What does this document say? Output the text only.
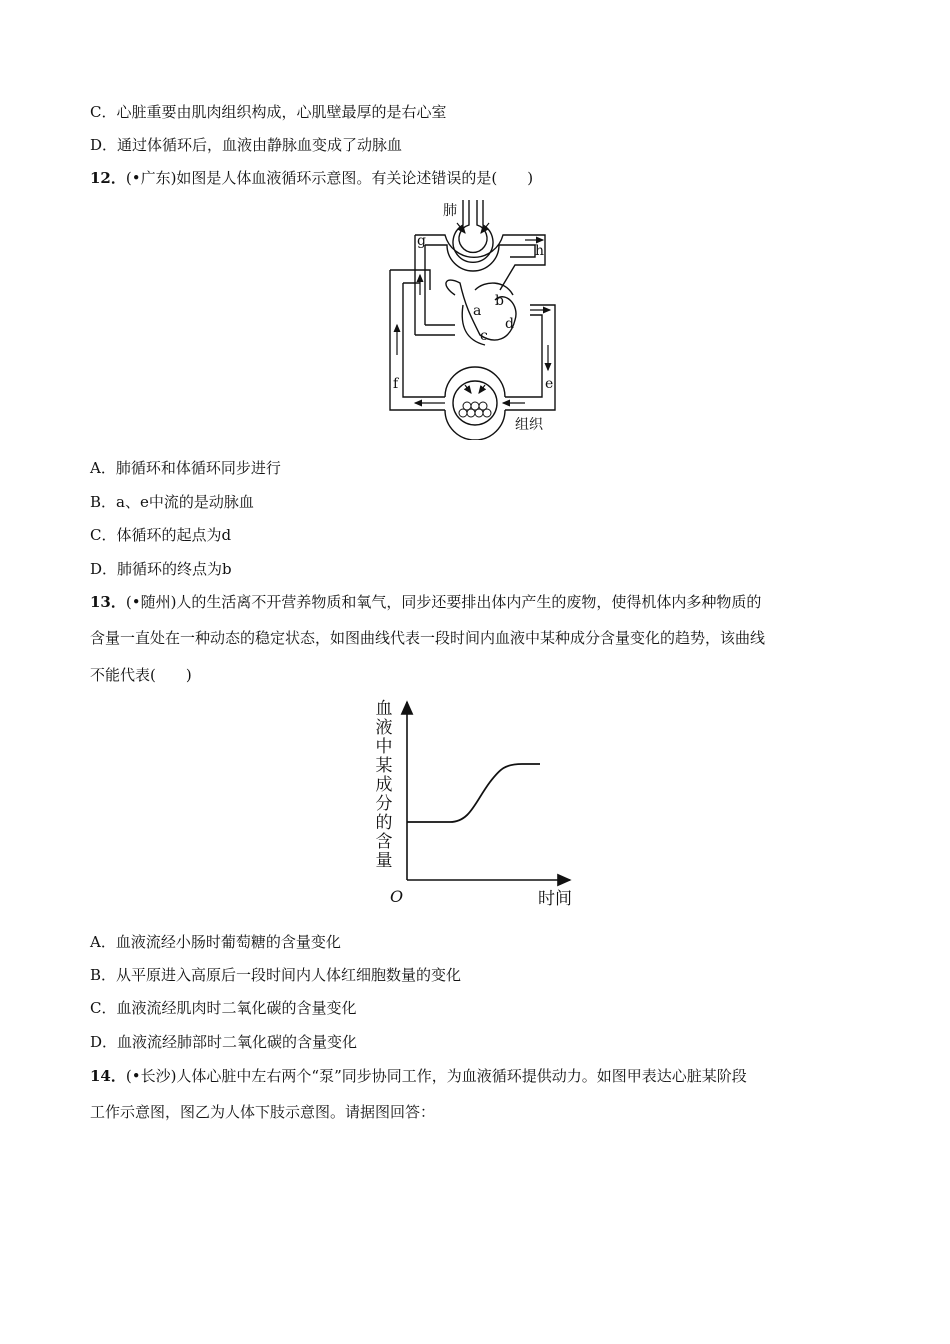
C．心脏重要由肌肉组织构成，心肌壁最厚的是右心室
D．通过体循环后，血液由静脉血变成了动脉血
12．(•广东)如图是人体血液循环示意图。有关论述错误的是(　　)
肺
g
h
b
a
d
c
f	e
组织
A．肺循环和体循环同步进行
B．a、e中流的是动脉血
C．体循环的起点为d
D．肺循环的终点为b
13．(•随州)人的生活离不开营养物质和氧气，同步还要排出体内产生的废物，使得机体内多种物质的
含量一直处在一种动态的稳定状态，如图曲线代表一段时间内血液中某种成分含量变化的趋势，该曲线
不能代表(　　)
血液中某成分的含量
O	时间
A．血液流经小肠时葡萄糖的含量变化
B．从平原进入高原后一段时间内人体红细胞数量的变化
C．血液流经肌肉时二氧化碳的含量变化
D．血液流经肺部时二氧化碳的含量变化
14．(•长沙)人体心脏中左右两个“泵”同步协同工作，为血液循环提供动力。如图甲表达心脏某阶段
工作示意图，图乙为人体下肢示意图。请据图回答：
